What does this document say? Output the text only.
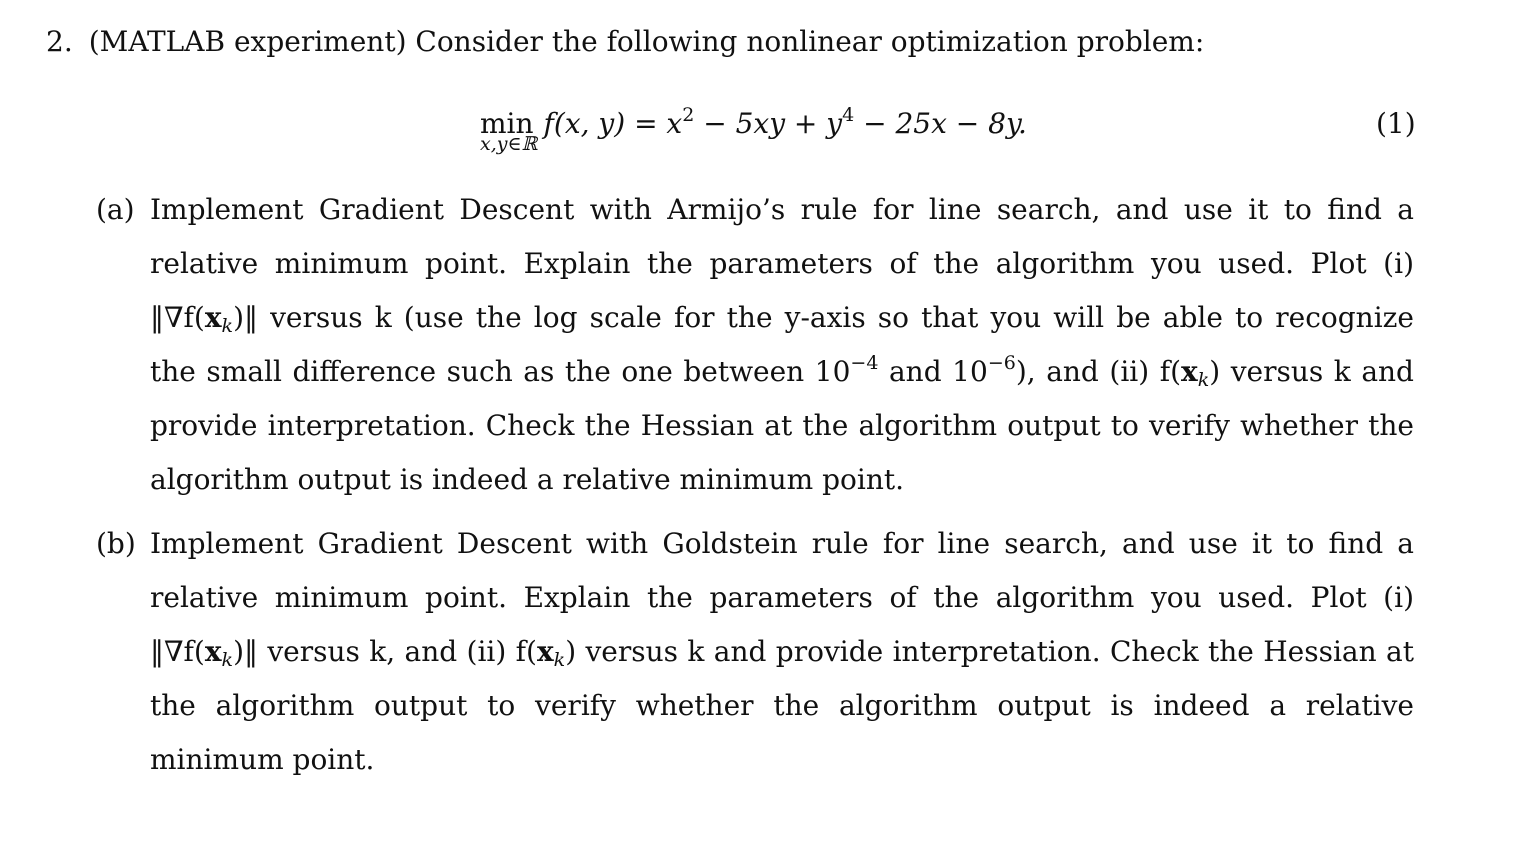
2. (MATLAB experiment) Consider the following nonlinear optimization problem:
min
x,y∈ℝ
f(x, $y) = x^2 - 5xy + y^4 - 25x - 8y$.	(1)
(a) Implement Gradient Descent with Armijo’s rule for line search, and use it to find a relative minimum point. Explain the parameters of the algorithm you used. Plot (i) $‖\nabla f(x_k)‖$ versus k (use the log scale for the y-axis so that you will be able to recognize the small difference such as the one between $10^{-4}$ and $10^{-6}$), and (ii) $f(x_k)$ versus k and provide interpretation. Check the Hessian at the algorithm output to verify whether the algorithm output is indeed a relative minimum point.
(b) Implement Gradient Descent with Goldstein rule for line search, and use it to find a relative minimum point. Explain the parameters of the algorithm you used. Plot (i) $‖\nabla f(x_k)‖$ versus k, and (ii) $f(x_k)$ versus k and provide interpretation. Check the Hessian at the algorithm output to verify whether the algorithm output is indeed a relative minimum point.
